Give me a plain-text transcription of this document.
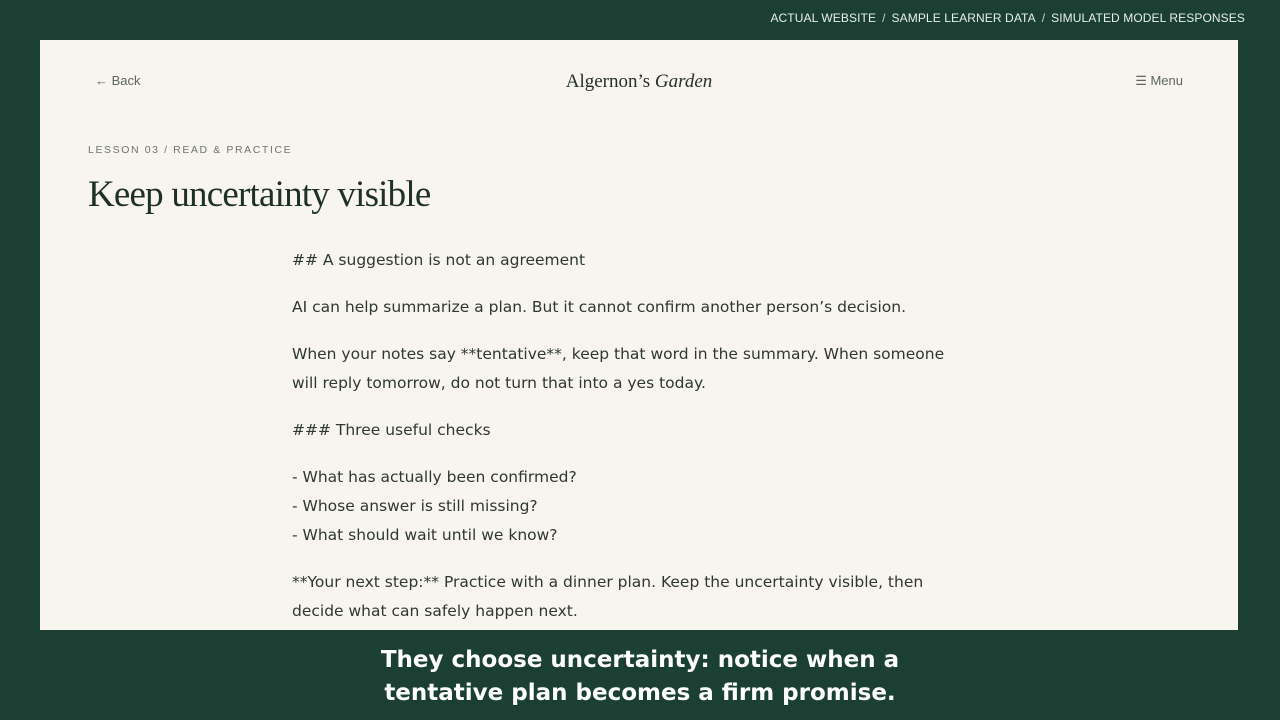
ACTUAL WEBSITE / SAMPLE LEARNER DATA / SIMULATED MODEL RESPONSES
← Back	Algernon’s Garden	☰ Menu
LESSON 03 / READ & PRACTICE
Keep uncertainty visible

## A suggestion is not an agreement

AI can help summarize a plan. But it cannot confirm another person’s decision.

When your notes say **tentative**, keep that word in the summary. When someone will reply tomorrow, do not turn that into a yes today.

### Three useful checks

- What has actually been confirmed?
- Whose answer is still missing?
- What should wait until we know?

**Your next step:** Practice with a dinner plan. Keep the uncertainty visible, then decide what can safely happen next.

They choose uncertainty: notice when a
tentative plan becomes a firm promise.
